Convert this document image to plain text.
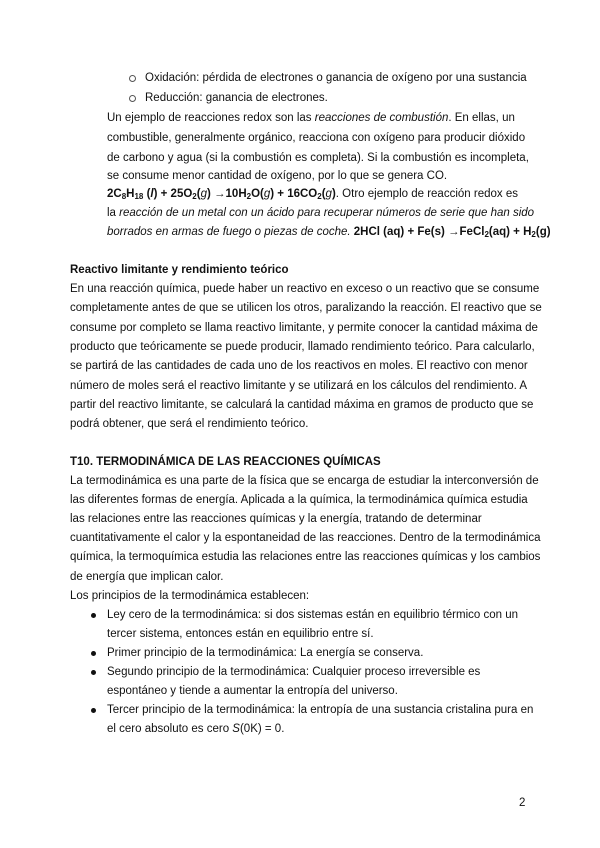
Oxidación: pérdida de electrones o ganancia de oxígeno por una sustancia
Reducción: ganancia de electrones.
Un ejemplo de reacciones redox son las reacciones de combustión. En ellas, un
combustible, generalmente orgánico, reacciona con oxígeno para producir dióxido
de carbono y agua (si la combustión es completa). Si la combustión es incompleta,
se consume menor cantidad de oxígeno, por lo que se genera CO.
$2C_8H_{18}$ $(l) + 25O_2(g) \to 10H_2O(g) + 16CO_2(g)$. Otro ejemplo de reacción redox es
la reacción de un metal con un ácido para recuperar números de serie que han sido
borrados en armas de fuego o piezas de coche. 2HCl (aq) + Fe(s) →FeCl$_2$(aq) + $H_2(g)$
Reactivo limitante y rendimiento teórico
En una reacción química, puede haber un reactivo en exceso o un reactivo que se consume
completamente antes de que se utilicen los otros, paralizando la reacción. El reactivo que se
consume por completo se llama reactivo limitante, y permite conocer la cantidad máxima de
producto que teóricamente se puede producir, llamado rendimiento teórico. Para calcularlo,
se partirá de las cantidades de cada uno de los reactivos en moles. El reactivo con menor
número de moles será el reactivo limitante y se utilizará en los cálculos del rendimiento. A
partir del reactivo limitante, se calculará la cantidad máxima en gramos de producto que se
podrá obtener, que será el rendimiento teórico.
T10. TERMODINÁMICA DE LAS REACCIONES QUÍMICAS
La termodinámica es una parte de la física que se encarga de estudiar la interconversión de
las diferentes formas de energía. Aplicada a la química, la termodinámica química estudia
las relaciones entre las reacciones químicas y la energía, tratando de determinar
cuantitativamente el calor y la espontaneidad de las reacciones. Dentro de la termodinámica
química, la termoquímica estudia las relaciones entre las reacciones químicas y los cambios
de energía que implican calor.
Los principios de la termodinámica establecen:
Ley cero de la termodinámica: si dos sistemas están en equilibrio térmico con un
tercer sistema, entonces están en equilibrio entre sí.
Primer principio de la termodinámica: La energía se conserva.
Segundo principio de la termodinámica: Cualquier proceso irreversible es
espontáneo y tiende a aumentar la entropía del universo.
Tercer principio de la termodinámica: la entropía de una sustancia cristalina pura en
el cero absoluto es cero S(0K) = 0.
2
